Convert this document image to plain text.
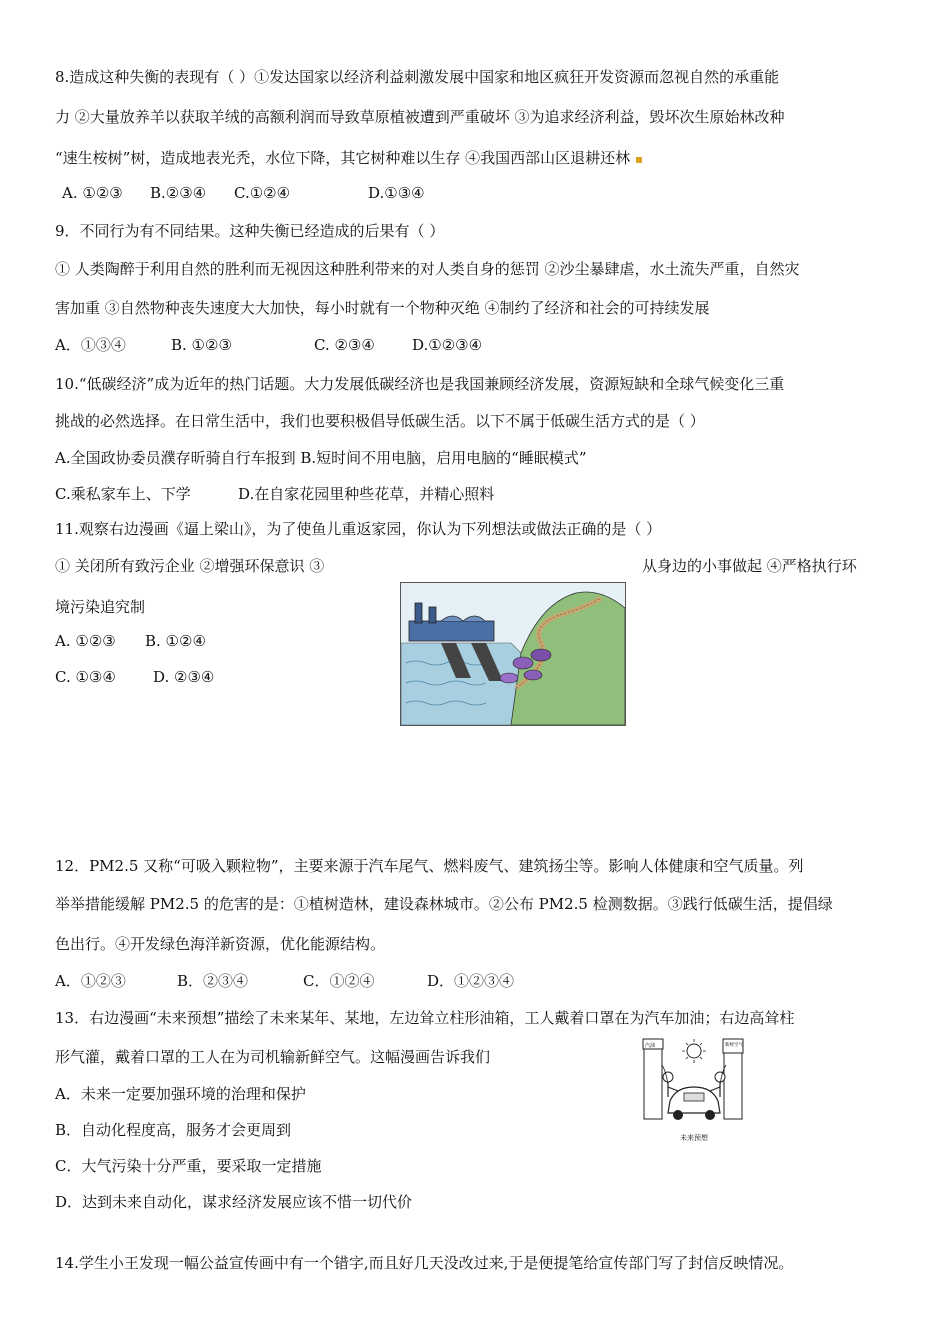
8.造成这种失衡的表现有（ ）①发达国家以经济利益刺激发展中国家和地区疯狂开发资源而忽视自然的承重能
力 ②大量放养羊以获取羊绒的高额利润而导致草原植被遭到严重破坏 ③为追求经济利益，毁坏次生原始林改种
“速生桉树”树，造成地表光秃，水位下降，其它树种难以生存 ④我国西部山区退耕还林 ▪
A. ①②③ B.②③④ C.①②④	D.①③④
9．不同行为有不同结果。这种失衡已经造成的后果有（ ）
① 人类陶醉于利用自然的胜利而无视因这种胜利带来的对人类自身的惩罚 ②沙尘暴肆虐，水土流失严重，自然灾
害加重 ③自然物种丧失速度大大加快，每小时就有一个物种灭绝 ④制约了经济和社会的可持续发展
A．①③④	B. ①②③	C. ②③④ D.①②③④
10.“低碳经济”成为近年的热门话题。大力发展低碳经济也是我国兼顾经济发展，资源短缺和全球气候变化三重
挑战的必然选择。在日常生活中，我们也要积极倡导低碳生活。以下不属于低碳生活方式的是（ ）
A.全国政协委员濮存昕骑自行车报到 B.短时间不用电脑，启用电脑的“睡眠模式”
C.乘私家车上、下学	D.在自家花园里种些花草，并精心照料
11.观察右边漫画《逼上梁山》，为了使鱼儿重返家园，你认为下列想法或做法正确的是（ ）
① 关闭所有致污企业 ②增强环保意识 ③	从身边的小事做起 ④严格执行环
境污染追究制
A. ①②③ B. ①②④
C. ①③④ D. ②③④
12．PM2.5 又称“可吸入颗粒物”，主要来源于汽车尾气、燃料废气、建筑扬尘等。影响人体健康和空气质量。列
举举措能缓解 PM2.5 的危害的是：①植树造林，建设森林城市。②公布 PM2.5 检测数据。③践行低碳生活，提倡绿
色出行。④开发绿色海洋新资源，优化能源结构。
A．①②③	B．②③④	C．①②④	D．①②③④
13．右边漫画“未来预想”描绘了未来某年、某地，左边耸立柱形油箱，工人戴着口罩在为汽车加油；右边高耸柱
形气灌，戴着口罩的工人在为司机输新鲜空气。这幅漫画告诉我们
A．未来一定要加强环境的治理和保护
B．自动化程度高，服务才会更周到
C．大气污染十分严重，要采取一定措施
D．达到未来自动化，谋求经济发展应该不惜一切代价
汽油	新鲜空气
未来预想
14.学生小王发现一幅公益宣传画中有一个错字,而且好几天没改过来,于是便提笔给宣传部门写了封信反映情况。
